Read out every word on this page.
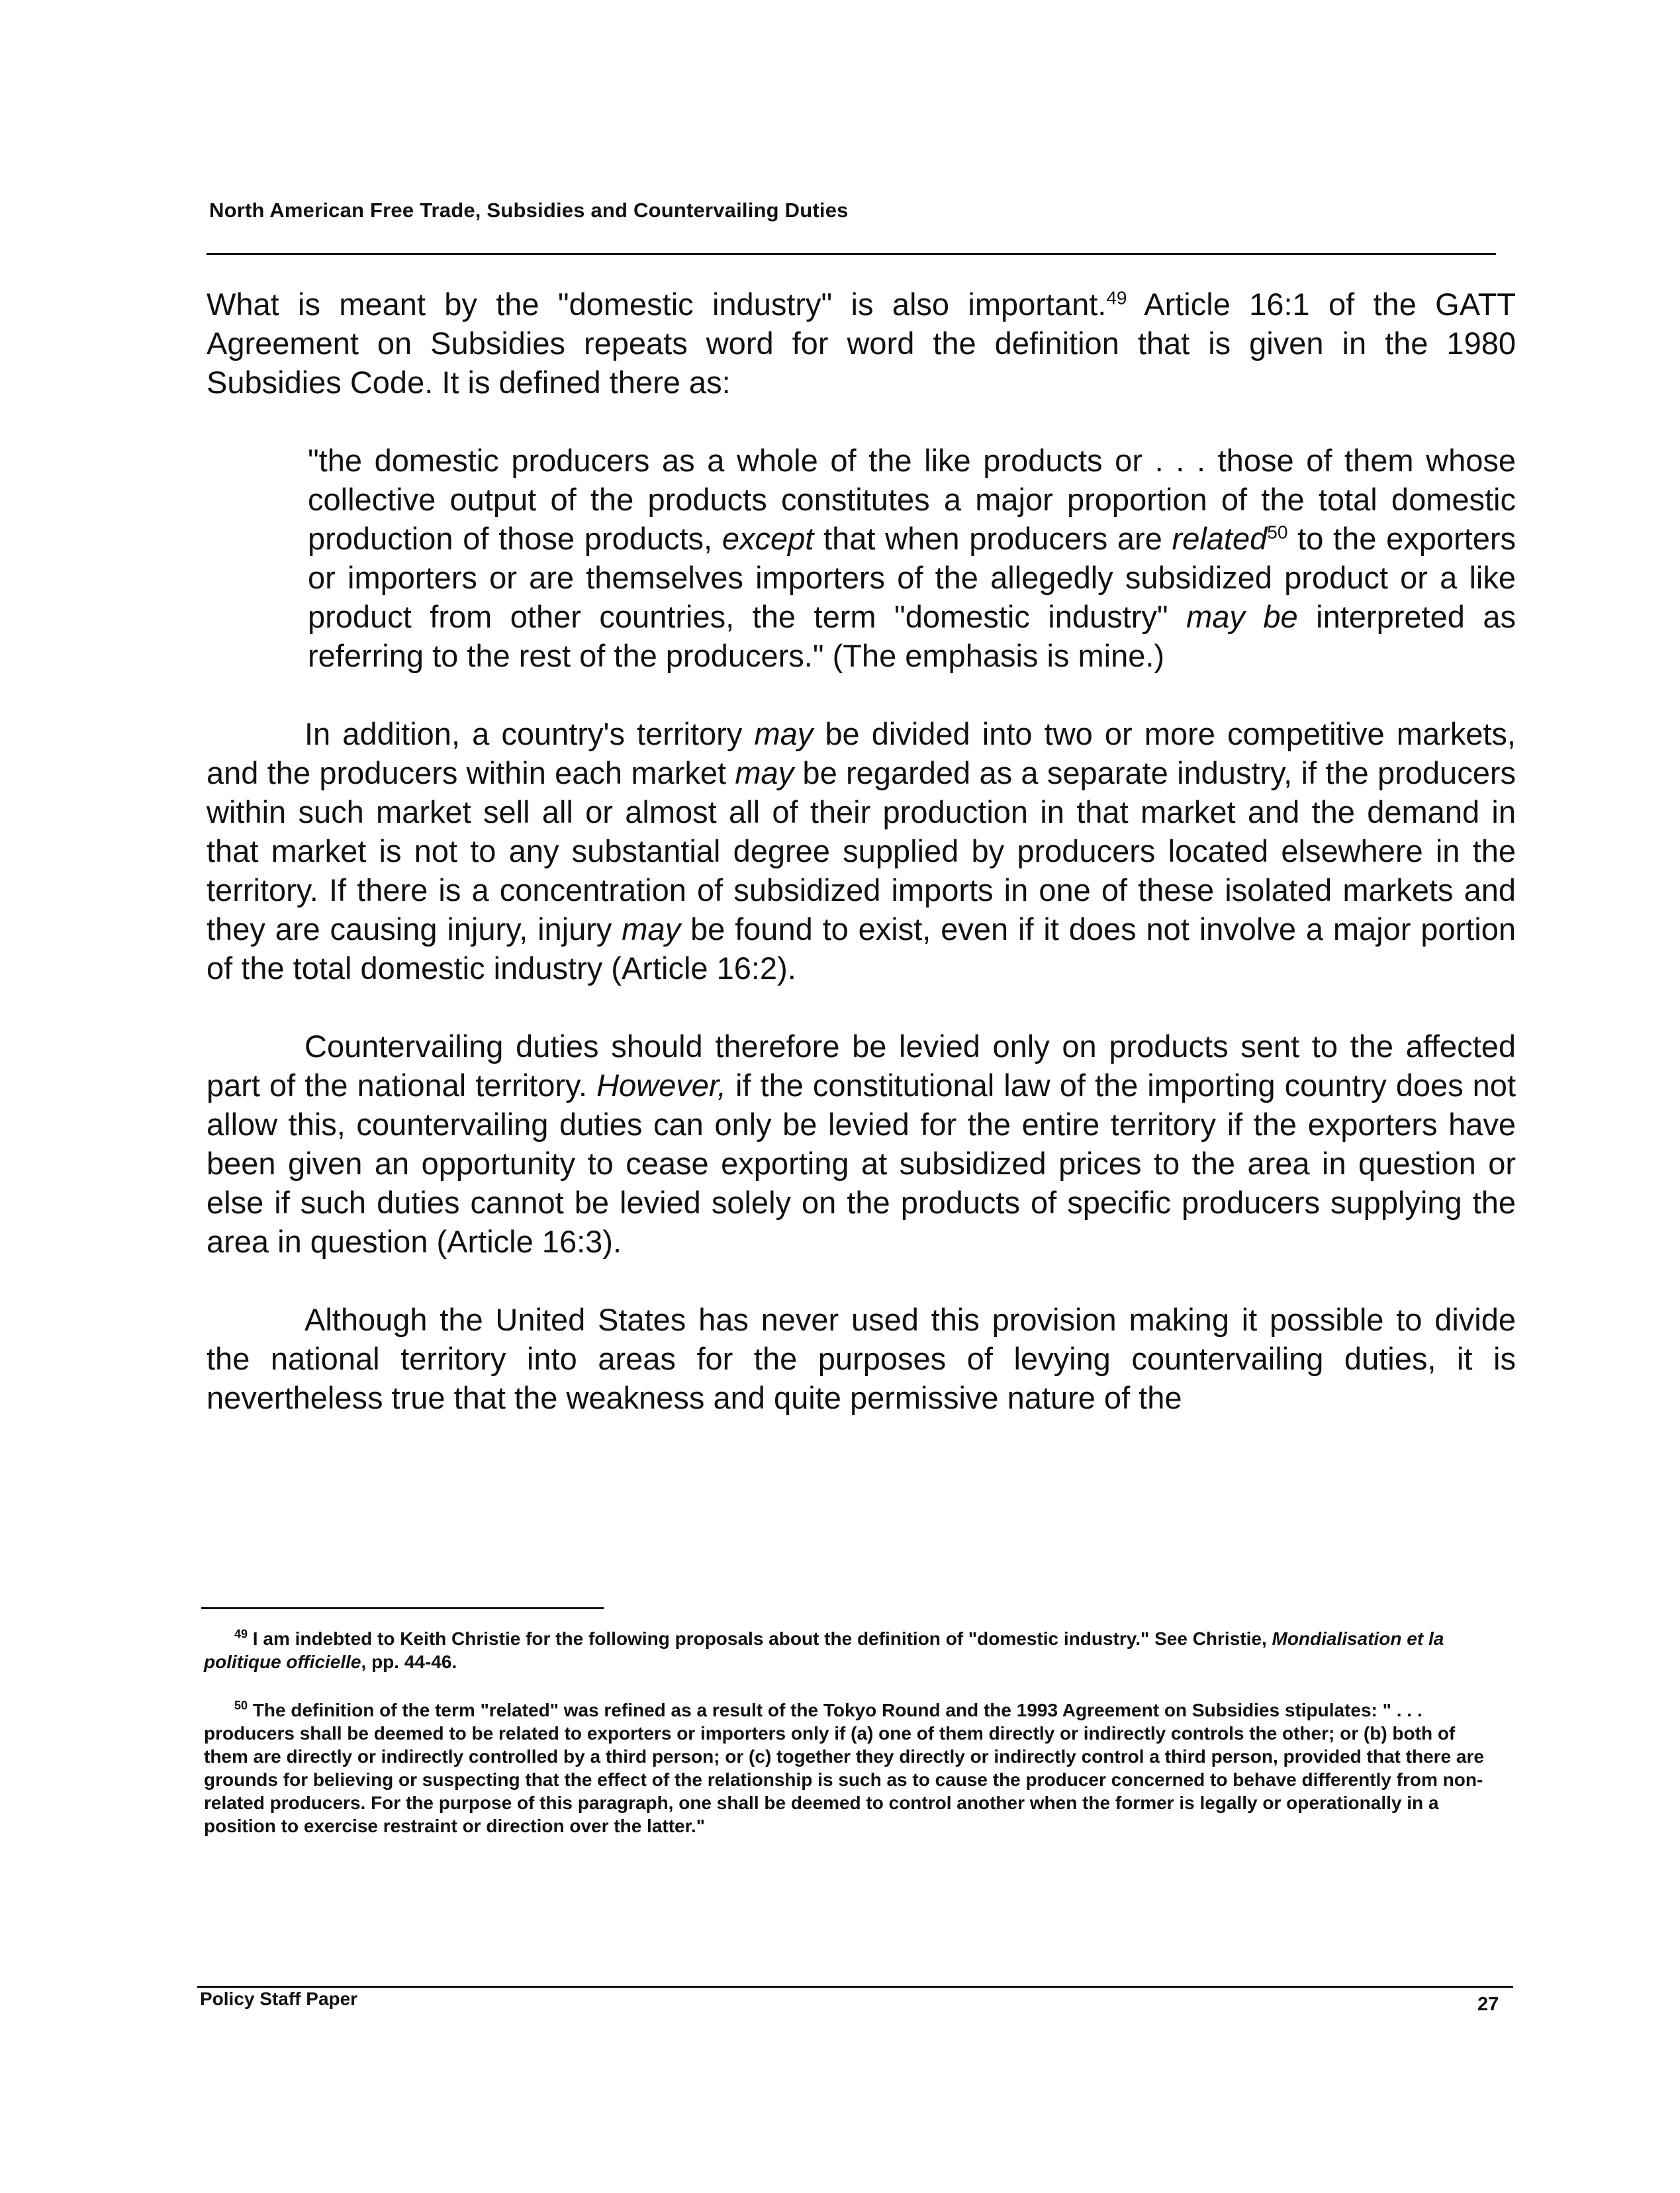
North American Free Trade, Subsidies and Countervailing Duties

What is meant by the "domestic industry" is also important.$^{49}$ Article 16:1 of the GATT Agreement on Subsidies repeats word for word the definition that is given in the 1980 Subsidies Code. It is defined there as:

"the domestic producers as a whole of the like products or . . . those of them whose collective output of the products constitutes a major proportion of the total domestic production of those products, except that when producers are related$^{50}$ to the exporters or importers or are themselves importers of the allegedly subsidized product or a like product from other countries, the term "domestic industry" may be interpreted as referring to the rest of the producers." (The emphasis is mine.)

In addition, a country's territory may be divided into two or more competitive markets, and the producers within each market may be regarded as a separate industry, if the producers within such market sell all or almost all of their production in that market and the demand in that market is not to any substantial degree supplied by producers located elsewhere in the territory. If there is a concentration of subsidized imports in one of these isolated markets and they are causing injury, injury may be found to exist, even if it does not involve a major portion of the total domestic industry (Article 16:2).

Countervailing duties should therefore be levied only on products sent to the affected part of the national territory. However, if the constitutional law of the importing country does not allow this, countervailing duties can only be levied for the entire territory if the exporters have been given an opportunity to cease exporting at subsidized prices to the area in question or else if such duties cannot be levied solely on the products of specific producers supplying the area in question (Article 16:3).

Although the United States has never used this provision making it possible to divide the national territory into areas for the purposes of levying countervailing duties, it is nevertheless true that the weakness and quite permissive nature of the

$^{49}$ I am indebted to Keith Christie for the following proposals about the definition of "domestic industry." See Christie, Mondialisation et la politique officielle, pp. 44-46.

$^{50}$ The definition of the term "related" was refined as a result of the Tokyo Round and the 1993 Agreement on Subsidies stipulates: " . . . producers shall be deemed to be related to exporters or importers only if (a) one of them directly or indirectly controls the other; or (b) both of them are directly or indirectly controlled by a third person; or (c) together they directly or indirectly control a third person, provided that there are grounds for believing or suspecting that the effect of the relationship is such as to cause the producer concerned to behave differently from non-related producers. For the purpose of this paragraph, one shall be deemed to control another when the former is legally or operationally in a position to exercise restraint or direction over the latter."

Policy Staff Paper	27
